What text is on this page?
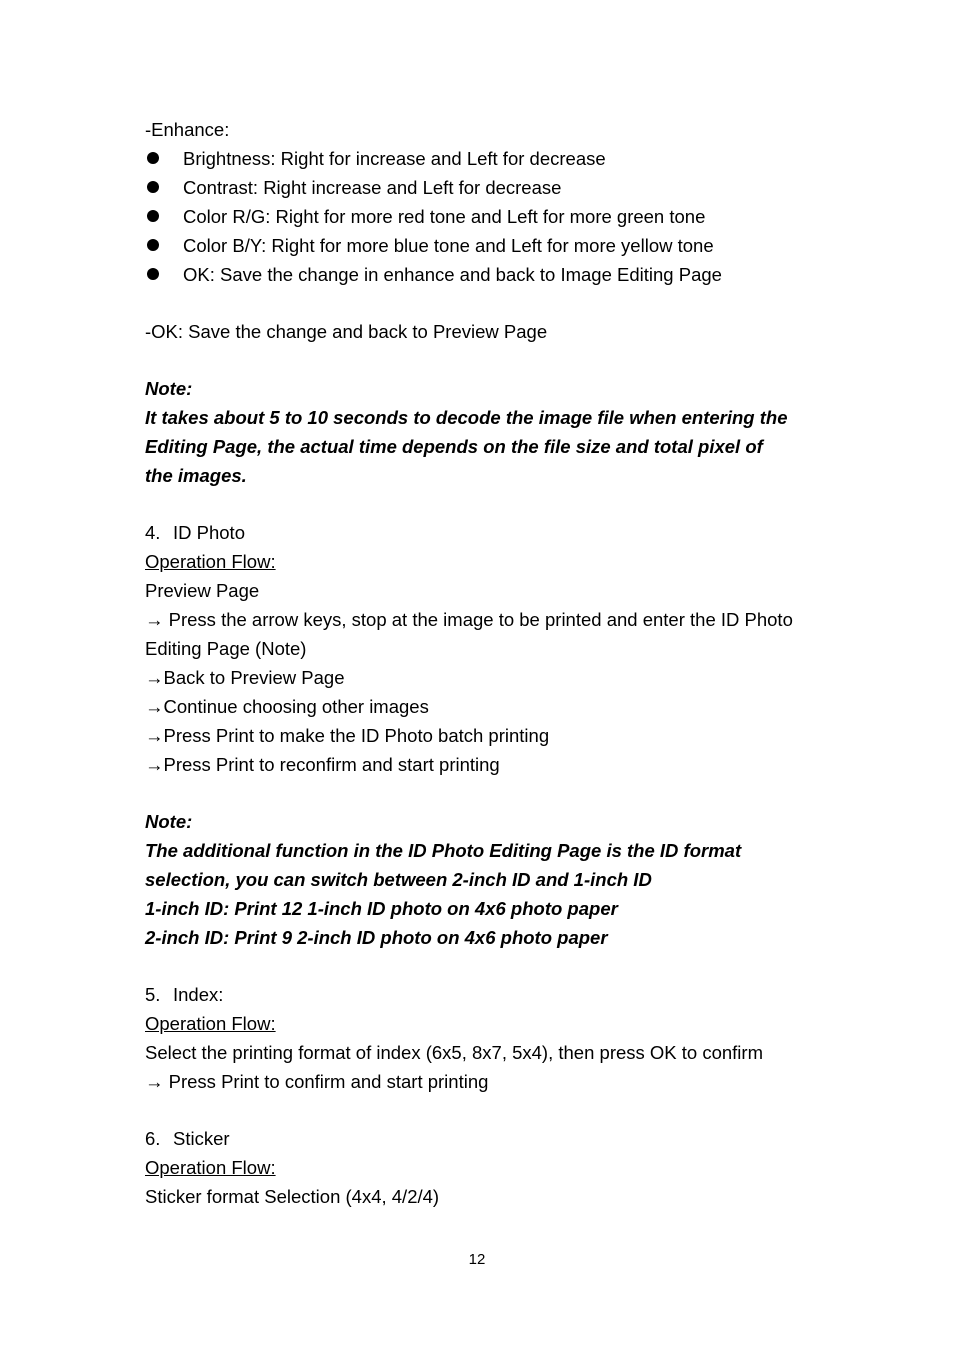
-Enhance:

Brightness: Right for increase and Left for decrease
Contrast: Right increase and Left for decrease
Color R/G: Right for more red tone and Left for more green tone
Color B/Y: Right for more blue tone and Left for more yellow tone
OK: Save the change in enhance and back to Image Editing Page

-OK: Save the change and back to Preview Page

Note:

It takes about 5 to 10 seconds to decode the image file when entering the

Editing Page, the actual time depends on the file size and total pixel of

the images.

4. ID Photo

Operation Flow:

Preview Page

→ Press the arrow keys, stop at the image to be printed and enter the ID Photo

Editing Page (Note)

→Back to Preview Page

→Continue choosing other images

→Press Print to make the ID Photo batch printing

→Press Print to reconfirm and start printing

Note:

The additional function in the ID Photo Editing Page is the ID format

selection, you can switch between 2-inch ID and 1-inch ID

1-inch ID: Print 12 1-inch ID photo on 4x6 photo paper

2-inch ID: Print 9 2-inch ID photo on 4x6 photo paper

5. Index:

Operation Flow:

Select the printing format of index (6x5, 8x7, 5x4), then press OK to confirm

→ Press Print to confirm and start printing

6. Sticker

Operation Flow:

Sticker format Selection (4x4, 4/2/4)

12
